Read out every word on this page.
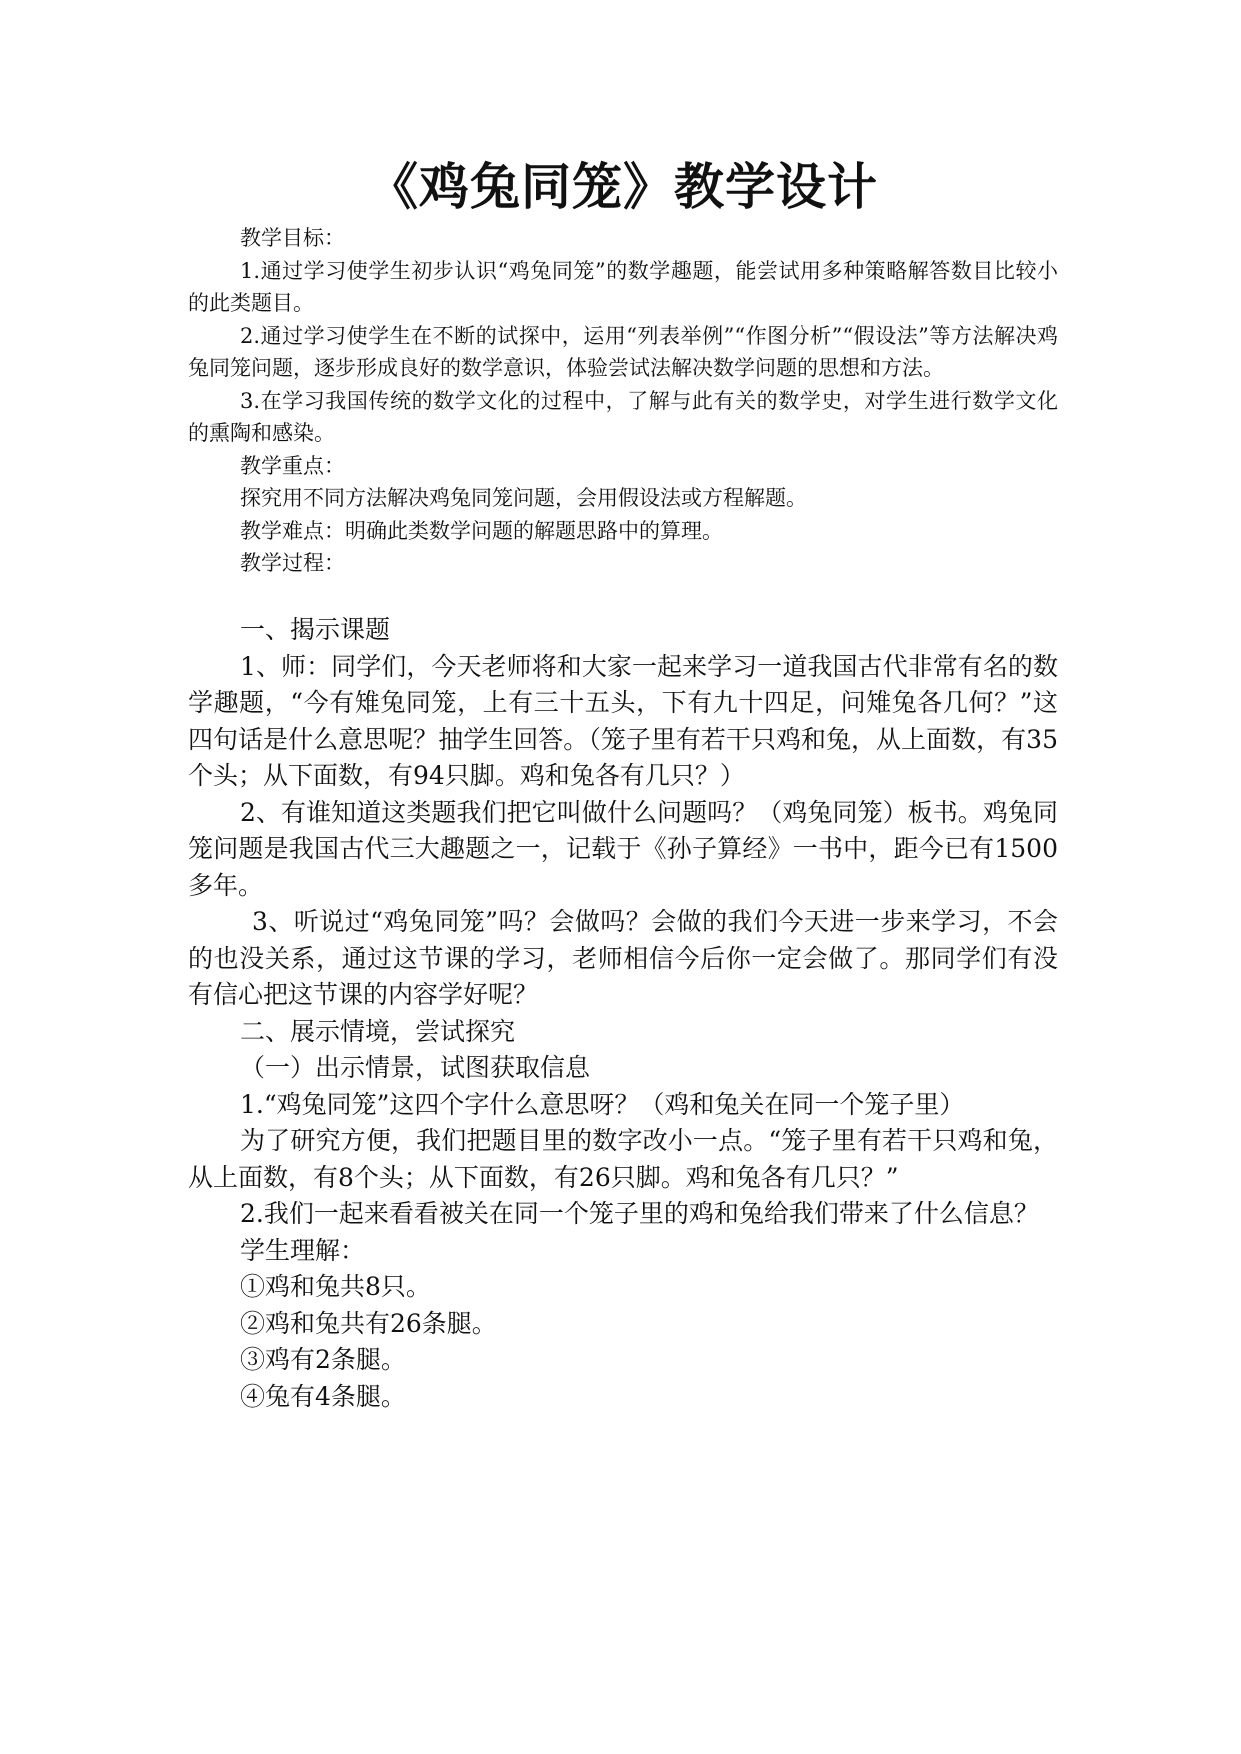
《鸡兔同笼》教学设计

教学目标：

1.通过学习使学生初步认识“鸡兔同笼”的数学趣题，能尝试用多种策略解答数目比较小的此类题目。

2.通过学习使学生在不断的试探中，运用“列表举例”“作图分析”“假设法”等方法解决鸡兔同笼问题，逐步形成良好的数学意识，体验尝试法解决数学问题的思想和方法。

3.在学习我国传统的数学文化的过程中，了解与此有关的数学史，对学生进行数学文化的熏陶和感染。

教学重点：

探究用不同方法解决鸡兔同笼问题，会用假设法或方程解题。

教学难点：明确此类数学问题的解题思路中的算理。

教学过程：

一、揭示课题

1、师：同学们，今天老师将和大家一起来学习一道我国古代非常有名的数学趣题，“今有雉兔同笼，上有三十五头，下有九十四足，问雉兔各几何？”这四句话是什么意思呢？抽学生回答。（笼子里有若干只鸡和兔，从上面数，有35个头；从下面数，有94只脚。鸡和兔各有几只？）

2、有谁知道这类题我们把它叫做什么问题吗？（鸡兔同笼）板书。鸡兔同笼问题是我国古代三大趣题之一，记载于《孙子算经》一书中，距今已有1500多年。

3、听说过“鸡兔同笼”吗？会做吗？会做的我们今天进一步来学习，不会的也没关系，通过这节课的学习，老师相信今后你一定会做了。那同学们有没有信心把这节课的内容学好呢？

二、展示情境，尝试探究

（一）出示情景，试图获取信息

1.“鸡兔同笼”这四个字什么意思呀？（鸡和兔关在同一个笼子里）

为了研究方便，我们把题目里的数字改小一点。“笼子里有若干只鸡和兔，从上面数，有8个头；从下面数，有26只脚。鸡和兔各有几只？”

2.我们一起来看看被关在同一个笼子里的鸡和兔给我们带来了什么信息？

学生理解：

①鸡和兔共8只。

②鸡和兔共有26条腿。

③鸡有2条腿。

④兔有4条腿。
